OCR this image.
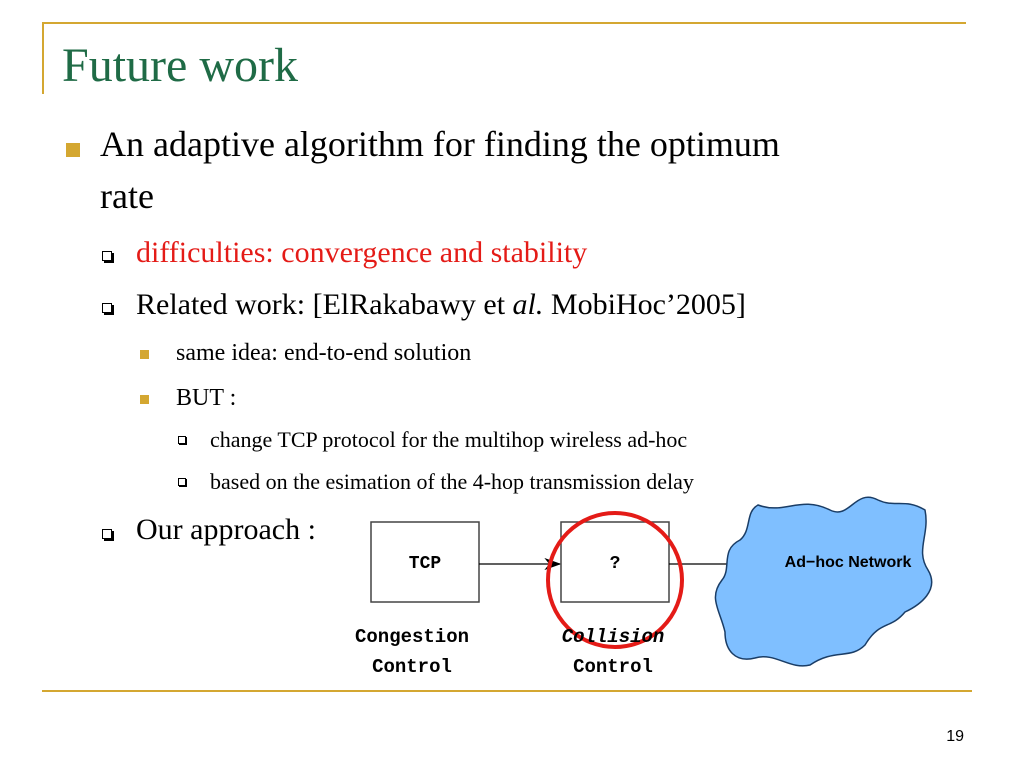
Future work
An adaptive algorithm for finding the optimum
rate
difficulties: convergence and stability
Related work: [ElRakabawy et al. MobiHoc’2005]
same idea: end-to-end solution
BUT :
change TCP protocol for the multihop wireless ad-hoc
based on the esimation of the 4-hop transmission delay
Our approach :
TCP	?	Ad−hoc Network
Congestion
Control
Collision
Control
19
